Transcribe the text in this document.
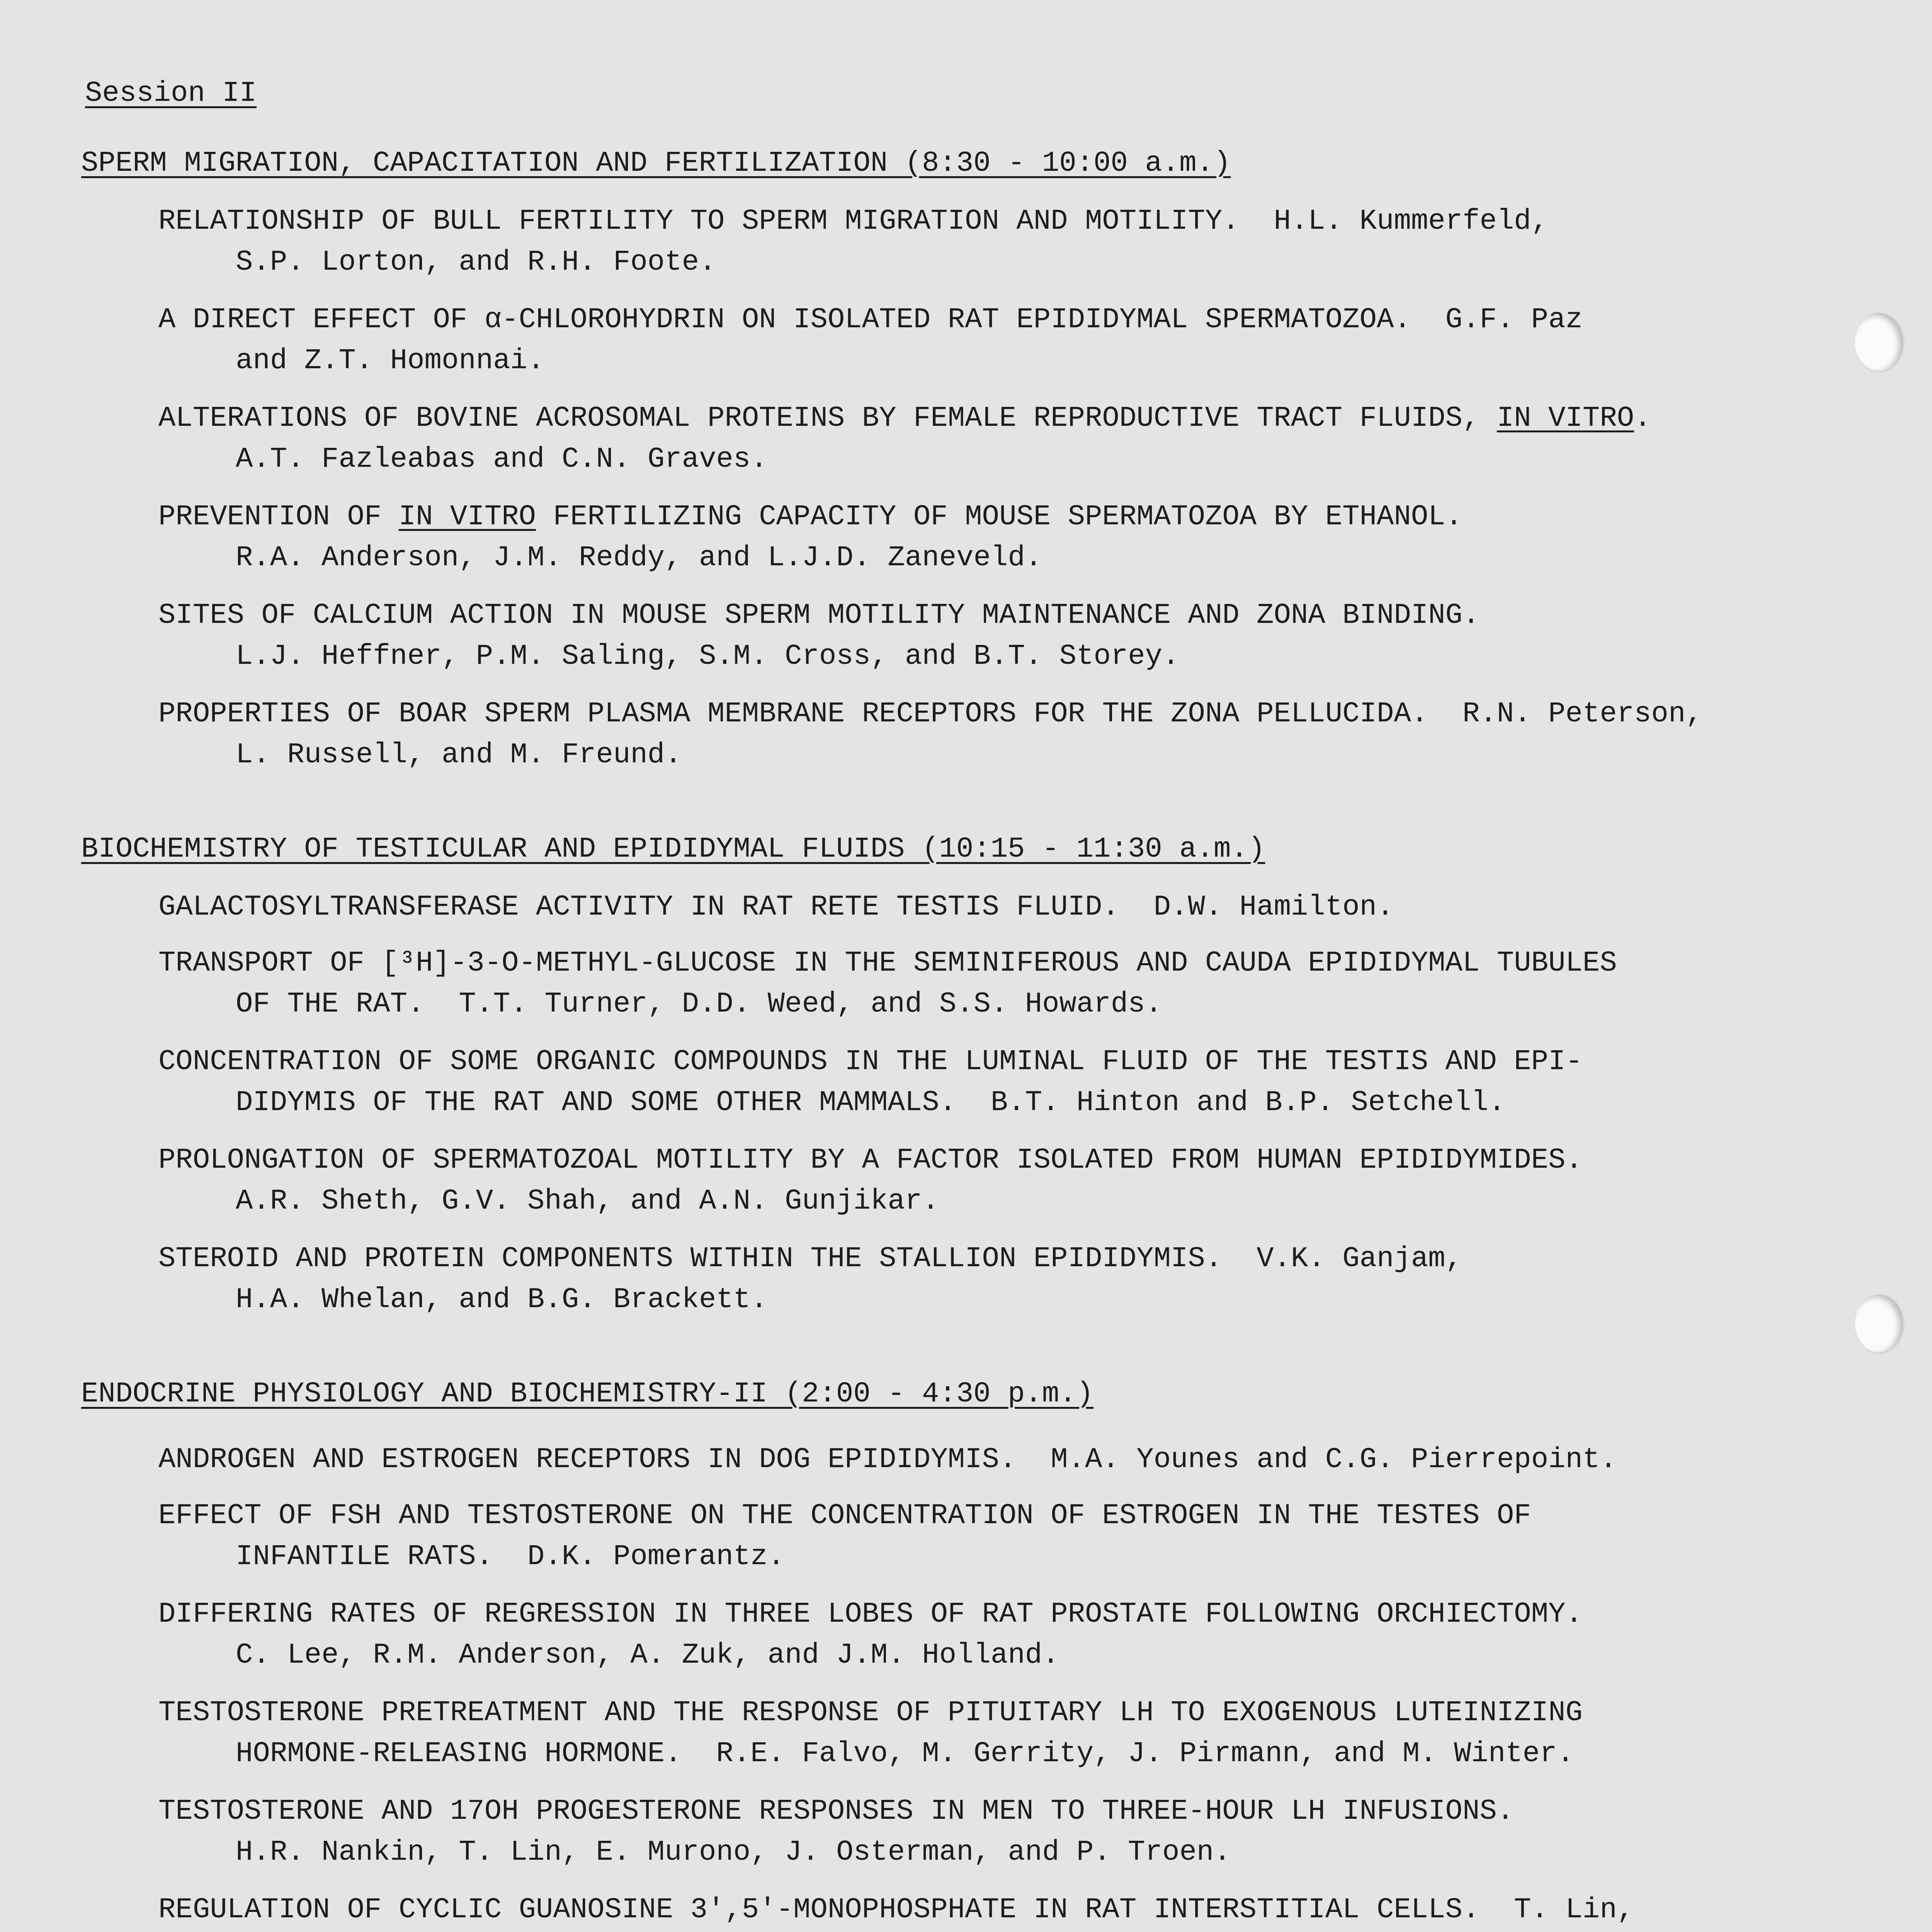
Session II
SPERM MIGRATION, CAPACITATION AND FERTILIZATION (8:30 - 10:00 a.m.)
RELATIONSHIP OF BULL FERTILITY TO SPERM MIGRATION AND MOTILITY.  H.L. Kummerfeld,
S.P. Lorton, and R.H. Foote.
A DIRECT EFFECT OF α-CHLOROHYDRIN ON ISOLATED RAT EPIDIDYMAL SPERMATOZOA.  G.F. Paz
and Z.T. Homonnai.
ALTERATIONS OF BOVINE ACROSOMAL PROTEINS BY FEMALE REPRODUCTIVE TRACT FLUIDS, IN VITRO.
A.T. Fazleabas and C.N. Graves.
PREVENTION OF IN VITRO FERTILIZING CAPACITY OF MOUSE SPERMATOZOA BY ETHANOL.
R.A. Anderson, J.M. Reddy, and L.J.D. Zaneveld.
SITES OF CALCIUM ACTION IN MOUSE SPERM MOTILITY MAINTENANCE AND ZONA BINDING.
L.J. Heffner, P.M. Saling, S.M. Cross, and B.T. Storey.
PROPERTIES OF BOAR SPERM PLASMA MEMBRANE RECEPTORS FOR THE ZONA PELLUCIDA.  R.N. Peterson,
L. Russell, and M. Freund.
BIOCHEMISTRY OF TESTICULAR AND EPIDIDYMAL FLUIDS (10:15 - 11:30 a.m.)
GALACTOSYLTRANSFERASE ACTIVITY IN RAT RETE TESTIS FLUID.  D.W. Hamilton.
TRANSPORT OF [³H]-3-O-METHYL-GLUCOSE IN THE SEMINIFEROUS AND CAUDA EPIDIDYMAL TUBULES
OF THE RAT.  T.T. Turner, D.D. Weed, and S.S. Howards.
CONCENTRATION OF SOME ORGANIC COMPOUNDS IN THE LUMINAL FLUID OF THE TESTIS AND EPI-
DIDYMIS OF THE RAT AND SOME OTHER MAMMALS.  B.T. Hinton and B.P. Setchell.
PROLONGATION OF SPERMATOZOAL MOTILITY BY A FACTOR ISOLATED FROM HUMAN EPIDIDYMIDES.
A.R. Sheth, G.V. Shah, and A.N. Gunjikar.
STEROID AND PROTEIN COMPONENTS WITHIN THE STALLION EPIDIDYMIS.  V.K. Ganjam,
H.A. Whelan, and B.G. Brackett.
ENDOCRINE PHYSIOLOGY AND BIOCHEMISTRY-II (2:00 - 4:30 p.m.)
ANDROGEN AND ESTROGEN RECEPTORS IN DOG EPIDIDYMIS.  M.A. Younes and C.G. Pierrepoint.
EFFECT OF FSH AND TESTOSTERONE ON THE CONCENTRATION OF ESTROGEN IN THE TESTES OF
INFANTILE RATS.  D.K. Pomerantz.
DIFFERING RATES OF REGRESSION IN THREE LOBES OF RAT PROSTATE FOLLOWING ORCHIECTOMY.
C. Lee, R.M. Anderson, A. Zuk, and J.M. Holland.
TESTOSTERONE PRETREATMENT AND THE RESPONSE OF PITUITARY LH TO EXOGENOUS LUTEINIZING
HORMONE-RELEASING HORMONE.  R.E. Falvo, M. Gerrity, J. Pirmann, and M. Winter.
TESTOSTERONE AND 17OH PROGESTERONE RESPONSES IN MEN TO THREE-HOUR LH INFUSIONS.
H.R. Nankin, T. Lin, E. Murono, J. Osterman, and P. Troen.
REGULATION OF CYCLIC GUANOSINE 3',5'-MONOPHOSPHATE IN RAT INTERSTITIAL CELLS.  T. Lin,
